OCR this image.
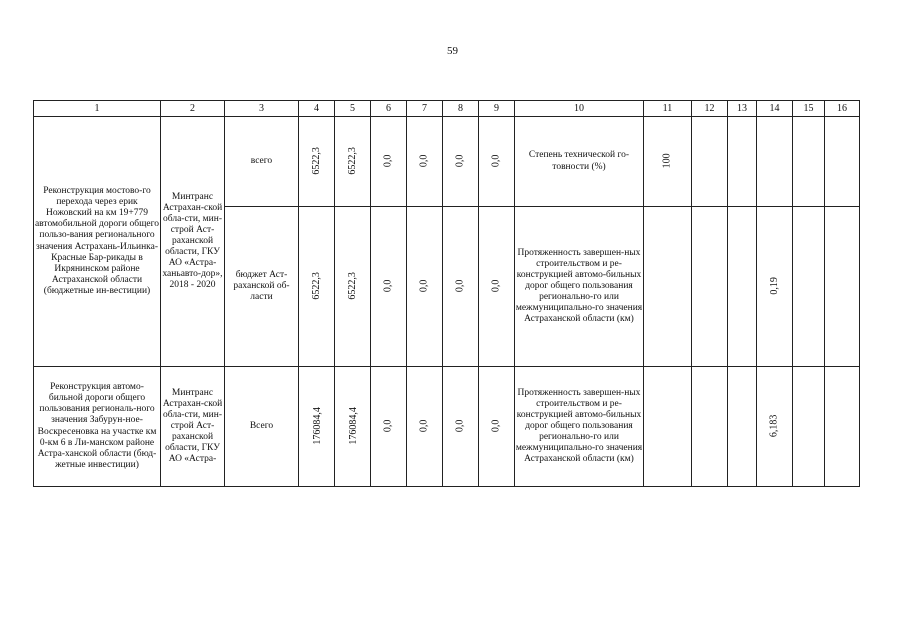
59
1	2	3	4	5	6	7	8	9	10	11	12	13	14	15	16
Реконструкция мостово-го перехода через ерик Ножовский на км 19+779 автомобильной дороги общего пользо-вания регионального значения Астрахань-Ильинка-Красные Бар-рикады в Икрянинском районе Астраханской области (бюджетные ин-вестиции)	Минтранс Астрахан-ской обла-сти, мин-строй Аст-раханской области, ГКУ АО «Астра-ханьавто-дор», 2018 - 2020	всего	6522,3	6522,3	0,0	0,0	0,0	0,0	Степень технической го-товности (%)	100					
		бюджет Аст-раханской об-ласти	6522,3	6522,3	0,0	0,0	0,0	0,0	Протяженность завершен-ных строительством и ре-конструкцией автомо-бильных дорог общего пользования регионально-го или межмуниципально-го значения Астраханской области (км)				0,19		
Реконструкция автомо-бильной дороги общего пользования региональ-ного значения Забурун-ное-Воскресеновка на участке км 0-км 6 в Ли-манском районе Астра-ханской области (бюд-жетные инвестиции)	Минтранс Астрахан-ской обла-сти, мин-строй Аст-раханской области, ГКУ АО «Астра-	Всего	176084,4	176084,4	0,0	0,0	0,0	0,0	Протяженность завершен-ных строительством и ре-конструкцией автомо-бильных дорог общего пользования регионально-го или межмуниципально-го значения Астраханской области (км)				6,183		
